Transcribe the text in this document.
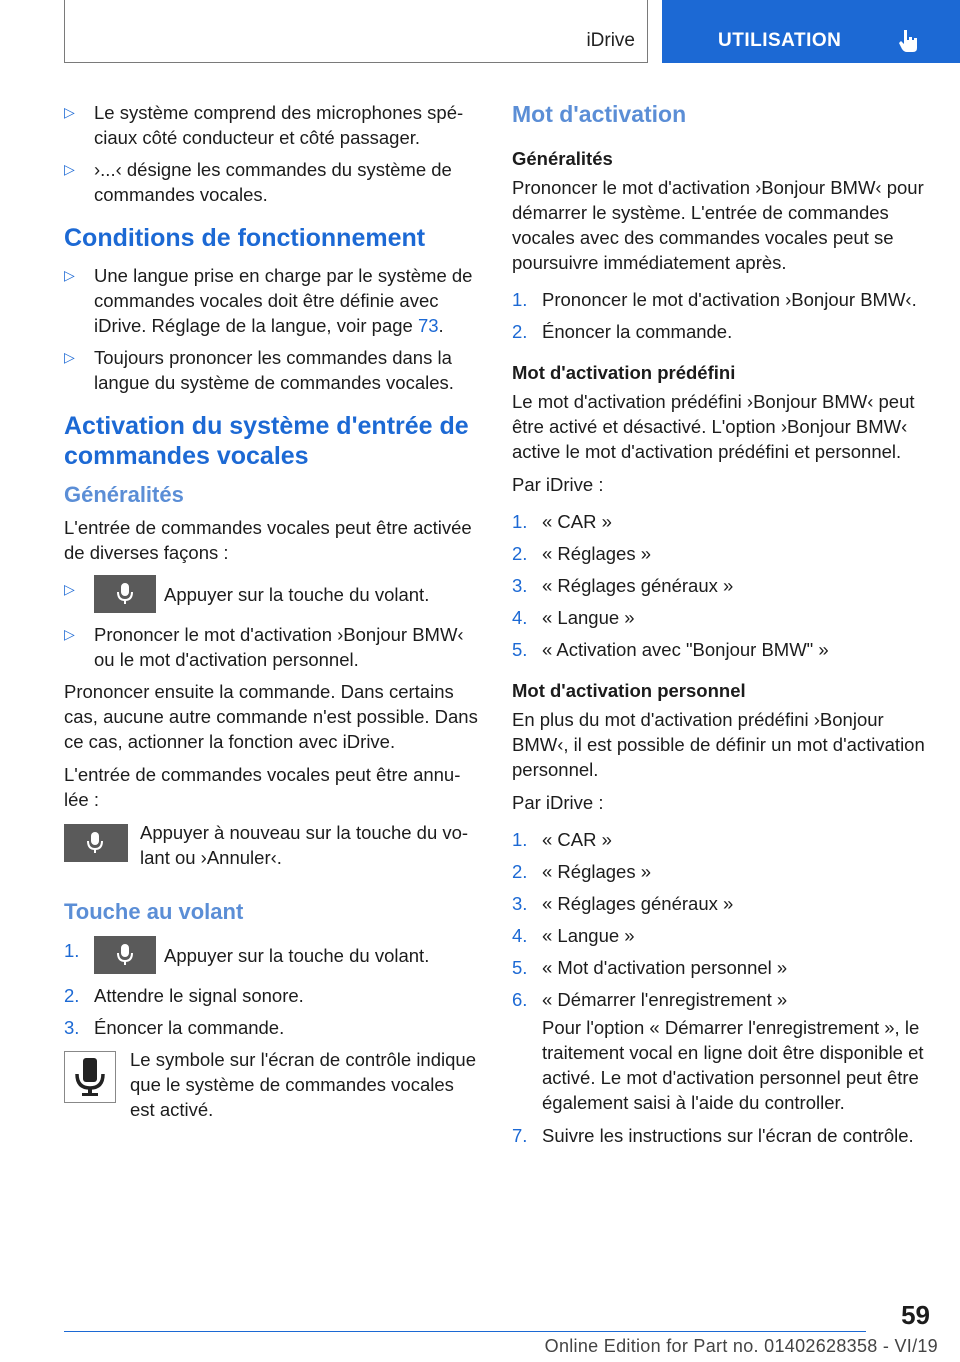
iDrive	UTILISATION
▷ Le système comprend des microphones spéciaux côté conducteur et côté passager.
▷ ›...‹ désigne les commandes du système de commandes vocales.
Conditions de fonctionnement
▷ Une langue prise en charge par le système de commandes vocales doit être définie avec iDrive. Réglage de la langue, voir page 73.
▷ Toujours prononcer les commandes dans la langue du système de commandes vocales.
Activation du système d'entrée de commandes vocales
Généralités

L'entrée de commandes vocales peut être activée de diverses façons :

▷	Appuyer sur la touche du volant.
▷ Prononcer le mot d'activation ›Bonjour BMW‹ ou le mot d'activation personnel.

Prononcer ensuite la commande. Dans certains cas, aucune autre commande n'est possible. Dans ce cas, actionner la fonction avec iDrive.

L'entrée de commandes vocales peut être annulée :

Appuyer à nouveau sur la touche du volant ou ›Annuler‹.

Touche au volant
1.	Appuyer sur la touche du volant.
2. Attendre le signal sonore.
3. Énoncer la commande.

Le symbole sur l'écran de contrôle indique que le système de commandes vocales est activé.

Mot d'activation
Généralités

Prononcer le mot d'activation ›Bonjour BMW‹ pour démarrer le système. L'entrée de commandes vocales avec des commandes vocales peut se poursuivre immédiatement après.

1. Prononcer le mot d'activation ›Bonjour BMW‹.
2. Énoncer la commande.
Mot d'activation prédéfini

Le mot d'activation prédéfini ›Bonjour BMW‹ peut être activé et désactivé. L'option ›Bonjour BMW‹ active le mot d'activation prédéfini et personnel.

Par iDrive :

1. « CAR »
2. « Réglages »
3. « Réglages généraux »
4. « Langue »
5. « Activation avec "Bonjour BMW" »
Mot d'activation personnel

En plus du mot d'activation prédéfini ›Bonjour BMW‹, il est possible de définir un mot d'activation personnel.

Par iDrive :

1. « CAR »
2. « Réglages »
3. « Réglages généraux »
4. « Langue »
5. « Mot d'activation personnel »
6. « Démarrer l'enregistrement »
Pour l'option « Démarrer l'enregistrement », le traitement vocal en ligne doit être disponible et activé. Le mot d'activation personnel peut être également saisi à l'aide du controller.
7. Suivre les instructions sur l'écran de contrôle.
59
Online Edition for Part no. 01402628358 - VI/19
